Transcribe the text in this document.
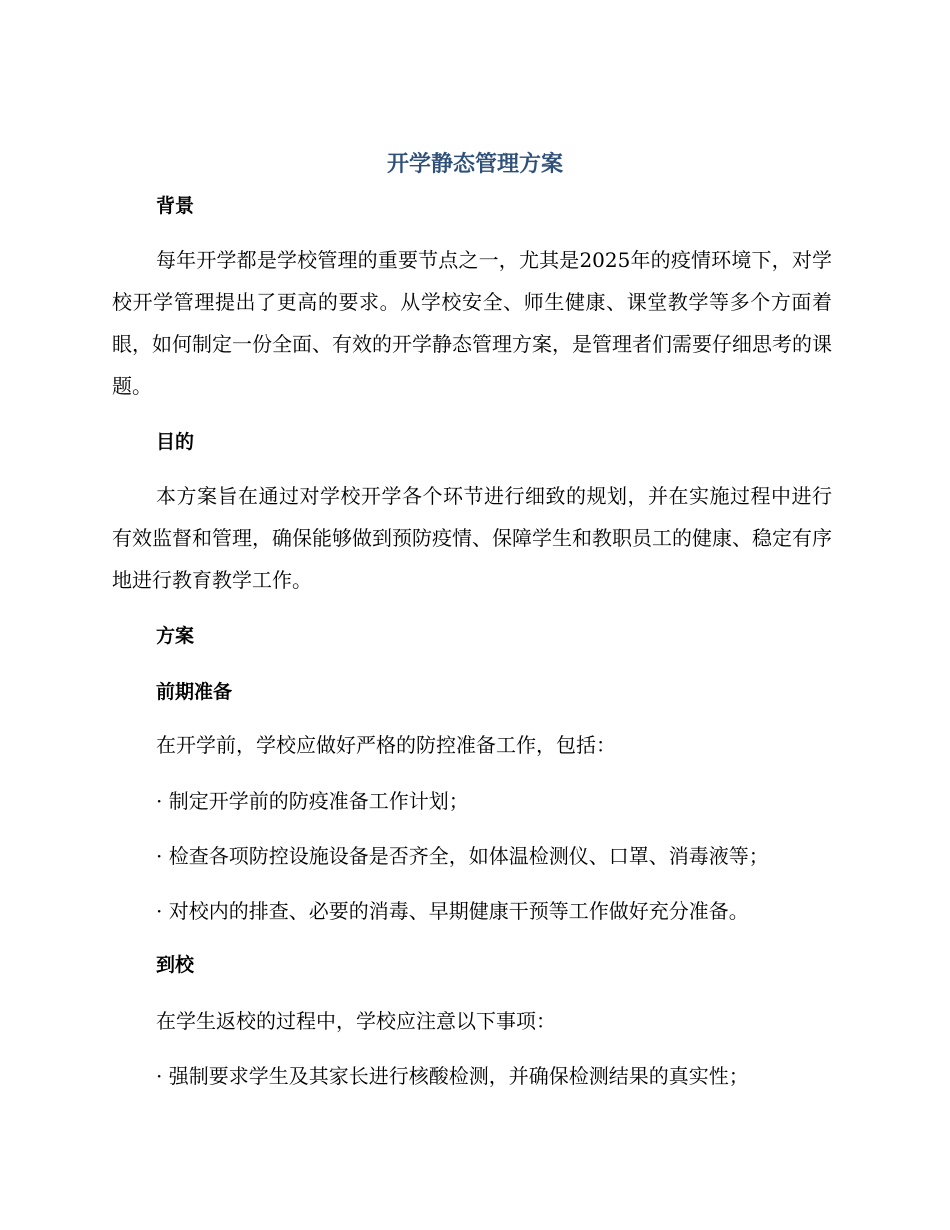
开学静态管理方案
背景
每年开学都是学校管理的重要节点之一，尤其是2025年的疫情环境下，对学校开学管理提出了更高的要求。从学校安全、师生健康、课堂教学等多个方面着眼，如何制定一份全面、有效的开学静态管理方案，是管理者们需要仔细思考的课题。
目的
本方案旨在通过对学校开学各个环节进行细致的规划，并在实施过程中进行有效监督和管理，确保能够做到预防疫情、保障学生和教职员工的健康、稳定有序地进行教育教学工作。
方案
前期准备
在开学前，学校应做好严格的防控准备工作，包括：
· 制定开学前的防疫准备工作计划；
· 检查各项防控设施设备是否齐全，如体温检测仪、口罩、消毒液等；
· 对校内的排查、必要的消毒、早期健康干预等工作做好充分准备。
到校
在学生返校的过程中，学校应注意以下事项：
· 强制要求学生及其家长进行核酸检测，并确保检测结果的真实性；
